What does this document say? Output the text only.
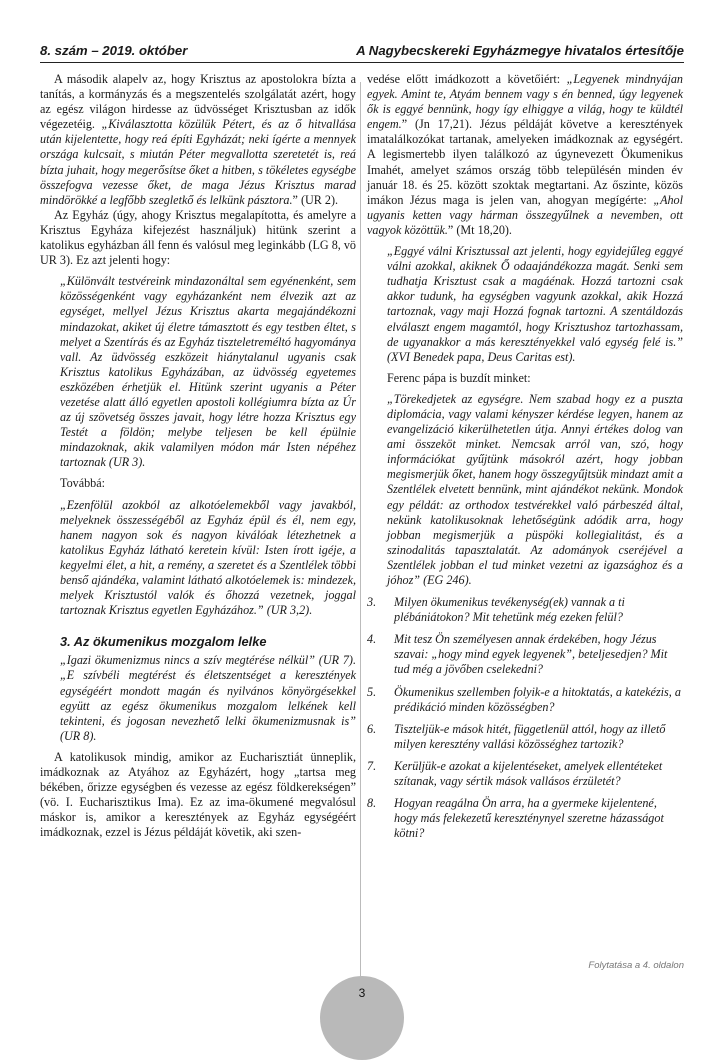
8. szám – 2019. október	A Nagybecskereki Egyházmegye hivatalos értesítője

A második alapelv az, hogy Krisztus az apostolokra bízta a tanítás, a kormányzás és a megszentelés szolgálatát azért, hogy az egész világon hirdesse az üdvösséget Krisztusban az idők végezetéig. „Kiválasztotta közülük Pétert, és az ő hitvallása után kijelentette, hogy reá építi Egyházát; neki ígérte a mennyek országa kulcsait, s miután Péter megvallotta szeretetét is, reá bízta juhait, hogy megerősítse őket a hitben, s tökéletes egységbe összefogva vezesse őket, de maga Jézus Krisztus marad mindörökké a legfőbb szegletkő és lelkünk pásztora.” (UR 2).

Az Egyház (úgy, ahogy Krisztus megalapította, és amelyre a Krisztus Egyháza kifejezést használjuk) hitünk szerint a katolikus egyházban áll fenn és valósul meg leginkább (LG 8, vö UR 3). Ez azt jelenti hogy:

„Különvált testvéreink mindazonáltal sem egyénenként, sem közösségenként vagy egyházanként nem élvezik azt az egységet, mellyel Jézus Krisztus akarta megajándékozni mindazokat, akiket új életre támasztott és egy testben éltet, s melyet a Szentírás és az Egyház tiszteletreméltó hagyománya vall. Az üdvösség eszközeit hiánytalanul ugyanis csak Krisztus katolikus Egyházában, az üdvösség egyetemes eszközében érhetjük el. Hitünk szerint ugyanis a Péter vezetése alatt álló egyetlen apostoli kollégiumra bízta az Úr az új szövetség összes javait, hogy létre hozza Krisztus egy Testét a földön; melybe teljesen be kell épülnie mindazoknak, akik valamilyen módon már Isten népéhez tartoznak (UR 3).

Továbbá:

„Ezenfölül azokból az alkotóelemekből vagy javakból, melyeknek összességéből az Egyház épül és él, nem egy, hanem nagyon sok és nagyon kiválóak létezhetnek a katolikus Egyház látható keretein kívül: Isten írott igéje, a kegyelmi élet, a hit, a remény, a szeretet és a Szentlélek többi benső ajándéka, valamint látható alkotóelemek is: mindezek, melyek Krisztustól valók és őhozzá vezetnek, joggal tartoznak Krisztus egyetlen Egyházához.” (UR 3,2).

3. Az ökumenikus mozgalom lelke

„Igazi ökumenizmus nincs a szív megtérése nélkül” (UR 7). „E szívbéli megtérést és életszentséget a keresztények egységéért mondott magán és nyilvános könyörgésekkel együtt az egész ökumenikus mozgalom lelkének kell tekinteni, és jogosan nevezhető lelki ökumenizmusnak is” (UR 8).

A katolikusok mindig, amikor az Eucharisztiát ünneplik, imádkoznak az Atyához az Egyházért, hogy „tartsa meg békében, őrizze egységben és vezesse az egész földkerekségen” (vö. I. Eucharisztikus Ima). Ez az ima-ökumené megvalósul máskor is, amikor a keresztények az Egyház egységéért imádkoznak, ezzel is Jézus példáját követik, aki szen-

vedése előtt imádkozott a követőiért: „Legyenek mindnyájan egyek. Amint te, Atyám bennem vagy s én benned, úgy legyenek ők is eggyé bennünk, hogy így elhiggye a világ, hogy te küldtél engem.” (Jn 17,21). Jézus példáját követve a keresztények imatalálkozókat tartanak, amelyeken imádkoznak az egységért. A legismertebb ilyen találkozó az úgynevezett Ökumenikus Imahét, amelyet számos ország több településén minden év január 18. és 25. között szoktak megtartani. Az őszinte, közös imákon Jézus maga is jelen van, ahogyan megígérte: „Ahol ugyanis ketten vagy hárman összegyűlnek a nevemben, ott vagyok közöttük.” (Mt 18,20).

„Eggyé válni Krisztussal azt jelenti, hogy egyidejűleg eggyé válni azokkal, akiknek Ő odaajándékozza magát. Senki sem tudhatja Krisztust csak a magáénak. Hozzá tartozni csak akkor tudunk, ha egységben vagyunk azokkal, akik Hozzá tartoznak, vagy maji Hozzá fognak tartozni. A szentáldozás elválaszt engem magamtól, hogy Krisztushoz tartozhassam, de ugyanakkor a más keresztényekkel való egység felé is.” (XVI Benedek papa, Deus Caritas est).

Ferenc pápa is buzdít minket:

„Törekedjetek az egységre. Nem szabad hogy ez a puszta diplomácia, vagy valami kényszer kérdése legyen, hanem az evangelizáció kikerülhetetlen útja. Annyi értékes dolog van ami összeköt minket. Nemcsak arról van, szó, hogy információkat gyűjtünk másokról azért, hogy jobban megismerjük őket, hanem hogy összegyűjtsük mindazt amit a Szentlélek elvetett bennünk, mint ajándékot nekünk. Mondok egy példát: az orthodox testvérekkel való párbeszéd által, nekünk katolikusoknak lehetőségünk adódik arra, hogy jobban megismerjük a püspöki kollegialitást, és a szinodalitás tapasztalatát. Az adományok cseréjével a Szentlélek jobban el tud minket vezetni az igazsághoz és a jóhoz” (EG 246).

3.	Milyen ökumenikus tevékenység(ek) vannak a ti plébániátokon? Mit tehetünk még ezeken felül?
4.	Mit tesz Ön személyesen annak érdekében, hogy Jézus szavai: „hogy mind egyek legyenek”, beteljesedjen? Mit tud még a jövőben cselekedni?
5.	Ökumenikus szellemben folyik-e a hitoktatás, a katekézis, a prédikáció minden közösségben?
6.	Tiszteljük-e mások hitét, függetlenül attól, hogy az illető milyen keresztény vallási közösséghez tartozik?
7.	Kerüljük-e azokat a kijelentéseket, amelyek ellentéteket szítanak, vagy sértik mások vallásos érzületét?
8.	Hogyan reagálna Ön arra, ha a gyermeke kijelentené, hogy más felekezetű kereszténynyel szeretne házasságot kötni?
Folytatása a 4. oldalon
3
